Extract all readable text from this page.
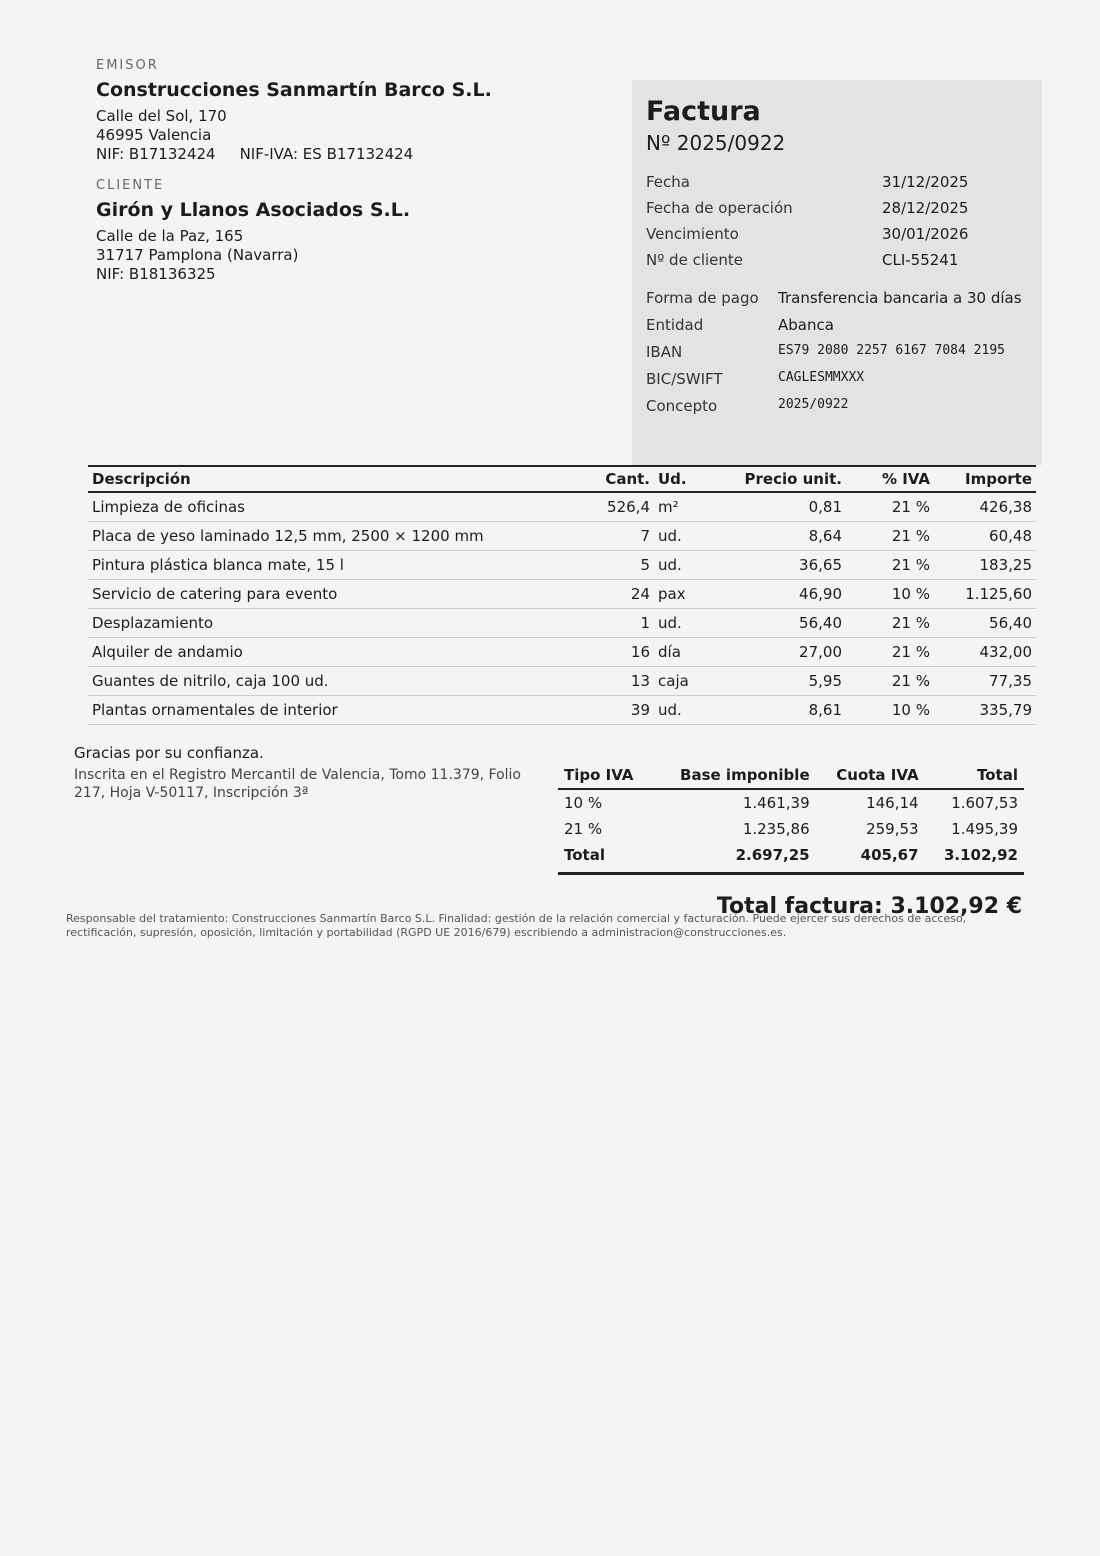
EMISOR
Construcciones Sanmartín Barco S.L.
Calle del Sol, 170
46995 Valencia
NIF: B17132424 NIF-IVA: ES B17132424
CLIENTE
Girón y Llanos Asociados S.L.
Calle de la Paz, 165
31717 Pamplona (Navarra)
NIF: B18136325
Factura
Nº 2025/0922
Fecha	31/12/2025
Fecha de operación	28/12/2025
Vencimiento	30/01/2026
Nº de cliente	CLI-55241
Forma de pago	Transferencia bancaria a 30 días
Entidad	Abanca
IBAN	ES79 2080 2257 6167 7084 2195
BIC/SWIFT	CAGLESMMXXX
Concepto	2025/0922
Descripción	Cant.	Ud.	Precio unit.	% IVA	Importe
Limpieza de oficinas	526,4	m²	0,81	21 %	426,38
Placa de yeso laminado 12,5 mm, 2500 × 1200 mm	7	ud.	8,64	21 %	60,48
Pintura plástica blanca mate, 15 l	5	ud.	36,65	21 %	183,25
Servicio de catering para evento	24	pax	46,90	10 %	1.125,60
Desplazamiento	1	ud.	56,40	21 %	56,40
Alquiler de andamio	16	día	27,00	21 %	432,00
Guantes de nitrilo, caja 100 ud.	13	caja	5,95	21 %	77,35
Plantas ornamentales de interior	39	ud.	8,61	10 %	335,79
Gracias por su confianza.
Inscrita en el Registro Mercantil de Valencia, Tomo 11.379, Folio 217, Hoja V-50117, Inscripción 3ª
Tipo IVA	Base imponible	Cuota IVA	Total
10 %	1.461,39	146,14	1.607,53
21 %	1.235,86	259,53	1.495,39
Total	2.697,25	405,67	3.102,92
Total factura: 3.102,92 €
Responsable del tratamiento: Construcciones Sanmartín Barco S.L. Finalidad: gestión de la relación comercial y facturación. Puede ejercer sus derechos de acceso, rectificación, supresión, oposición, limitación y portabilidad (RGPD UE 2016/679) escribiendo a administracion@construcciones.es.
